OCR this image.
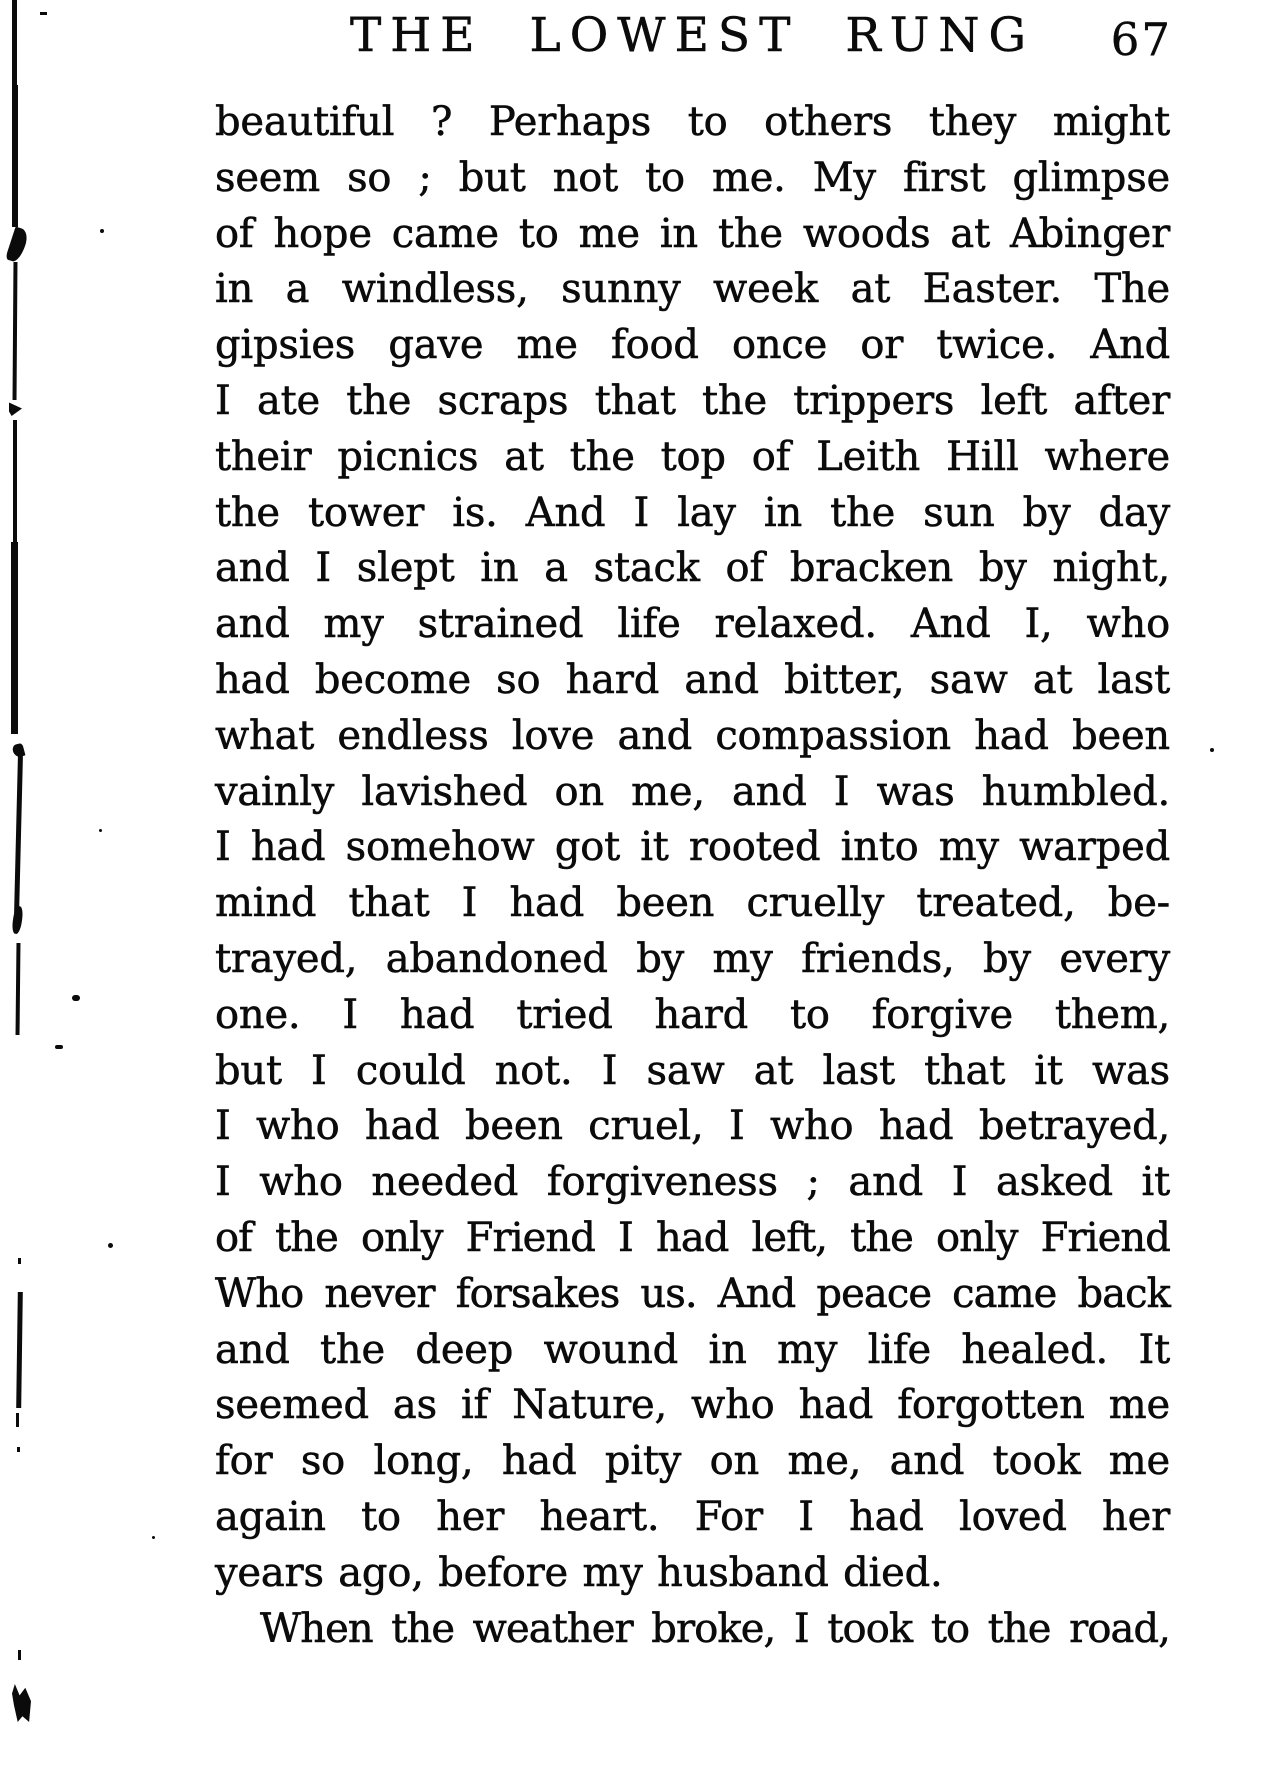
THE LOWEST RUNG 67
beautiful ? Perhaps to others they might
seem so ; but not to me. My first glimpse
of hope came to me in the woods at Abinger
in a windless, sunny week at Easter. The
gipsies gave me food once or twice. And
I ate the scraps that the trippers left after
their picnics at the top of Leith Hill where
the tower is. And I lay in the sun by day
and I slept in a stack of bracken by night,
and my strained life relaxed. And I, who
had become so hard and bitter, saw at last
what endless love and compassion had been
vainly lavished on me, and I was humbled.
I had somehow got it rooted into my warped
mind that I had been cruelly treated, be-
trayed, abandoned by my friends, by every
one. I had tried hard to forgive them,
but I could not. I saw at last that it was
I who had been cruel, I who had betrayed,
I who needed forgiveness ; and I asked it
of the only Friend I had left, the only Friend
Who never forsakes us. And peace came back
and the deep wound in my life healed. It
seemed as if Nature, who had forgotten me
for so long, had pity on me, and took me
again to her heart. For I had loved her
years ago, before my husband died.
When the weather broke, I took to the road,
